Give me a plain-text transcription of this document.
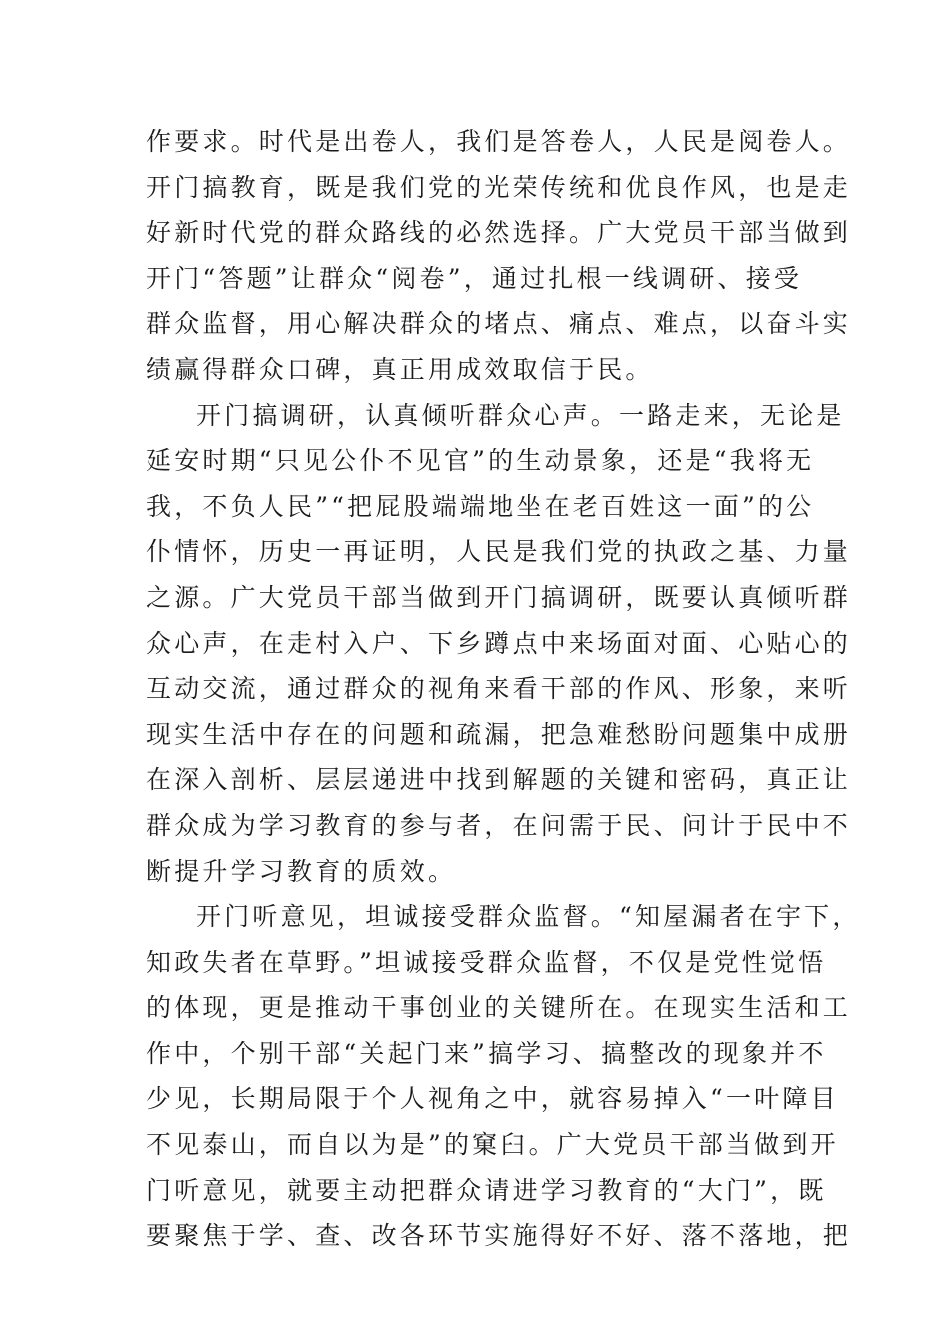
作要求。时代是出卷人，我们是答卷人，人民是阅卷人。
开门搞教育，既是我们党的光荣传统和优良作风，也是走
好新时代党的群众路线的必然选择。广大党员干部当做到
开门“答题”让群众“阅卷”，通过扎根一线调研、接受
群众监督，用心解决群众的堵点、痛点、难点，以奋斗实
绩赢得群众口碑，真正用成效取信于民。
开门搞调研，认真倾听群众心声。一路走来，无论是
延安时期“只见公仆不见官”的生动景象，还是“我将无
我，不负人民”“把屁股端端地坐在老百姓这一面”的公
仆情怀，历史一再证明，人民是我们党的执政之基、力量
之源。广大党员干部当做到开门搞调研，既要认真倾听群
众心声，在走村入户、下乡蹲点中来场面对面、心贴心的
互动交流，通过群众的视角来看干部的作风、形象，来听
现实生活中存在的问题和疏漏，把急难愁盼问题集中成册
在深入剖析、层层递进中找到解题的关键和密码，真正让
群众成为学习教育的参与者，在问需于民、问计于民中不
断提升学习教育的质效。
开门听意见，坦诚接受群众监督。“知屋漏者在宇下，
知政失者在草野。”坦诚接受群众监督，不仅是党性觉悟
的体现，更是推动干事创业的关键所在。在现实生活和工
作中，个别干部“关起门来”搞学习、搞整改的现象并不
少见，长期局限于个人视角之中，就容易掉入“一叶障目
不见泰山，而自以为是”的窠臼。广大党员干部当做到开
门听意见，就要主动把群众请进学习教育的“大门”，既
要聚焦于学、查、改各环节实施得好不好、落不落地，把
